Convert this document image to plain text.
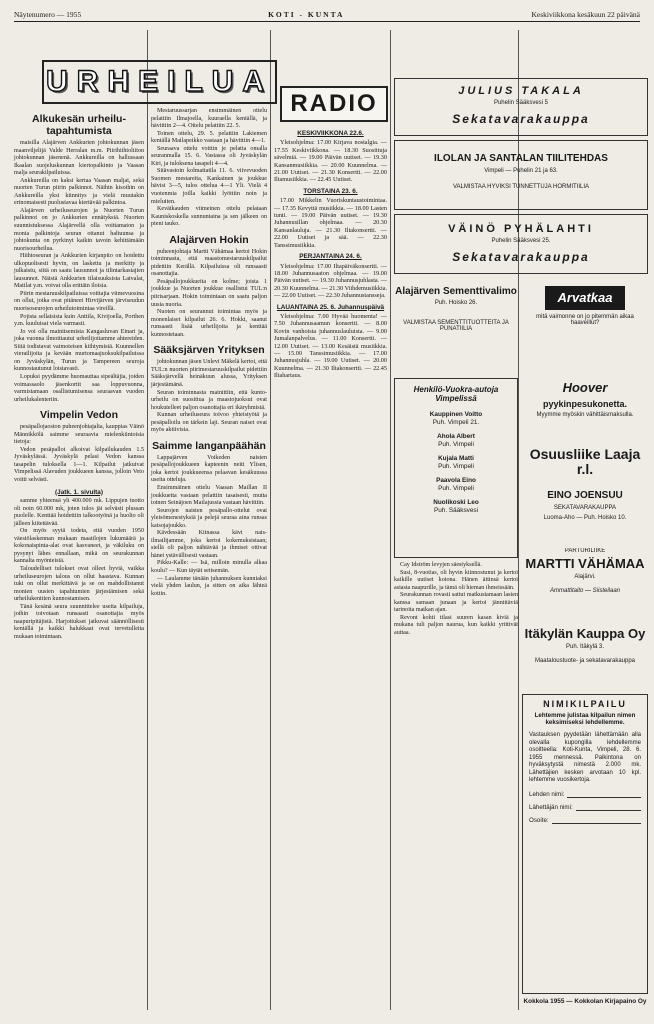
Näytenumero — 1955	KOTI - KUNTA	Keskiviikkona kesäkuun 22 päivänä
URHEILUA
Alkukesän urheilu-tapahtumista

maisilla Alajärven Ankkurien johtokunnan jäsen maanviljelijä Valde Herralan m.m. Piirihiihtoliiton johtokunnan jäsenenä. Ankkureilla on hallussaan Ikaalan suojeluskunnan kiertopalkinto ja Vaasan malja seurakilpailuissa.

Ankkureilla on kaksi kertaa Vaasan maljat, sekä nuorten Turun piirin palkinnot. Näihin kisoihin on Ankkureilla yksi kiinnitys ja vielä muutakin erinomaisesti puolustavaa kiertävää palkintoa.

Alajärven urheiluseurojen ja Nuorten Turun palkinnot on jo Ankkurien ennätyksiä. Nuorten suunnistuksessa Alajärvellä olla voittamaton ja monia palkintoja seuran ottanut haltuunsa ja johtokunta on pyrkinyt kaikin tavoin kehittämään nuorisourheilua.

Hiihtoseuran ja Ankkurien kirjanpito on hoidettu ulkopuolisesti hyvin, on laskettu ja merkitty ja julkaistu, siitä on saatu lausunnot ja tilintarkastajien lausunnot. Näistä Ankkurien tilaisuuksista Latvalat, Matilat y.m. voivat olla erittäin iloisia.

Piirin mestaruuskilpailuissa voittajia viimevuosina on ollut, jotka ovat pitäneet Hirvijärven järviseudun nuorisoseurojen urheilutoimintaa vireillä.

Pojista sellaisista kuin Anttila, Kivijoella, Porthen y.m. kuuluisat viela varmasti.

Jo voi olla mainitsemista Kangasluvan Einari ja, joka vuonna ilmoittautui urheilijoitamme ahtereiden. Siitä todistavat vaimoteisen kiihtymistä. Kuunnellen vierailijoita ja kevään murtomaajuoksukilpailuissa on Jyväskylän, Turun ja Tampereen seuroja kunnostautunut loistavasti.

Lopuksi pyydämme huomauttaa sipeältäjia, joiden voimassaolo jäsenkortit saa loppuvuonna, varmistamaan osallistumisensa seuraavan vuoden urheilukalenteriin.

Vimpelin Vedon

pesäpallojaoston puheenjohtajalta, kauppias Väinö Männikkölä saimme seuraavia mielenkiintoisia tietoja:

Vedon pesäpallot alkoivat kilpailukauden 1.5 Jyväskylässä. Jyväskylä pelasi Vedon kanssa tasapelin tuloksella 1—1. Kilpailut jatkuivat Vimpelissä Alavuden joukkueen kanssa, jolloin Veto voitti selvästi.

(Jatk. 1. sivulta)

samme yhteensä yli 400.000 mk. Lippujen tuotto oli noin 60.000 mk, joten tulos jäi selvästi plussan puolelle. Kenttää hoidettiin talkootyönä ja huolto oli jälleen kiitettävää.

On myös syytä todeta, että vuoden 1950 väestölaskennan mukaan maatilojen lukumäärä ja kokonaispinta-alat ovat kasvaneet, ja väkiluku on pysynyt lähes ennallaan, mikä on seurakunnan kannalta myönteistä.

Taloudelliset tulokset ovat olleet hyviä, vaikka urheiluseurojen talous on ollut haastava. Kunnan tuki on ollut merkittävä ja se on mahdollistanut monien uusien tapahtumien järjestämisen sekä urheilukenttien kunnostamisen.

Tänä kesänä seura suunnittelee useita kilpailuja, joihin toivotaan runsaasti osanottajia myös naapuripitäjistä. Harjoitukset jatkuvat säännöllisesti kentällä ja kaikki halukkaat ovat tervetulleita mukaan toimintaan.

Mestaruussarjan ensimmäinen ottelu pelattiin Ilmajoella, kuuraella kentällä, ja hävittiin 2—4. Ottelu pelattiin 22. 5.

Toinen ottelu, 29. 5. pelattiin Lakiemen kentällä Mailapeikko vastaan ja hävittiin 4—1.

Seuraava ottelu voittin je pelatta omalla seuranmalla 15. 6. Vastassa oli Jyväskylän Kiri, ja tuloksena tasapeli 4—4.

Sitävastoin kolmattatila 11. 6. viivevuoden Suomen mestareita, Kankainen ja joukkue hävisi 3—5, tulos ottelua 4—1 Yli. Vielä 4 vuotenmia joilla kaikki lyöttiin noin ja mieluiten.

Kevätkauden viimeinen ottelu pelataan Kauniskoskella sunnuntaina ja sen jälkeen on pieni tauko.

Alajärven Hokin

puheenjohtaja Martti Vähämaa kertoi Hokin toiminnasta, että maastomestaruuskilpailut pidettiin Kerällä. Kilpailuissa oli runsaasti osanottajia.

Pesäpallojoukkueita on kolme; joista 1 joukkue ja Nuorten joukkue osallistui TUL:n piirisarjaan. Hokin toimintaan on saatu paljon uusia nuoria.

Nuoten on seurannut toimintaa myös ja monenlaiset kilpailut 26. 6. Hokki, saanut runsaasti lisää urheilijoita ja kenttää kunnostetaan.

Sääksjärven Yrityksen

johtokunnan jäsen Unlevi Mäkelä kertoi, että TUL:n nuorten piirimestaruuskilpailut pidettiin Sääksjärvellä heinäkuun alussa, Yrityksen järjestämänä.

Seuran toiminnasta mainittiin, että kunto-urheilu on suosittua ja maastojuoksut ovat houkutelleet paljon osanottajia eri ikäryhmistä.

Kunnan urheiluseura toivoo yhteistyötä ja pesäpalloilu on tärkein laji. Seuran naiset ovat myös aktiivisia.

Saimme langanpäähän

Lappajärven Voikeden naisten pesäpallojoukkueen kapteenin neiti Ylisen, joka kertoi joukkueensa pelaavan kesäkuussa useita otteluja.

Ensimmäinen ottelu Vaasan Maillan II joukkuetta vastaan pelattiin tasaisesti, mutta toinen Seinäjoen Mailajussia vastaan hävittiin.

Seurojen naisten pesäpallo-ottelut ovat yleisömenestyksiä ja pelejä seuraa aina runsas katsojajoukko.

Kävdessään Kiinassa kävi nais-ilmailijamme, joka kertoi kokemuksistaan; siellä oli paljon nähtävää ja ihmiset ottivat hänet ystävällisesti vastaan.

Pikku-Kalle: — Isä, milloin minulla alkaa koulu? — Kun täytät seitsemän.

— Laulamme tänään juhannuksen kunniaksi vielä yhden laulun, ja sitten on aika lähteä kotiin.

RADIO
KESKIVIIKKONA 22.6.

Yleisohjelma: 17.00 Kirjava nostalgia. — 17.55 Keskiviikkona. — 18.30 Suosittuja sävelmiä. — 19.00 Päivän uutiset. — 19.30 Kansanmusiikkia. — 20.00 Kuunnelma. — 21.00 Uutiset. — 21.30 Konsertti. — 22.00 Iltamusiikkia. — 22.45 Uutiset.

TORSTAINA 23. 6.

17.00 Mikkelin Vuoriskuntaustoimintaa. — 17.35 Kevyttä musiikkia. — 18.00 Lasten tunti. — 19.00 Päivän uutiset. — 19.30 Juhannusillan ohjelmaa. — 20.30 Kansanlauluja. — 21.30 Iltakonsertti. — 22.00 Uutiset ja sää. — 22.30 Tanssimusiikkia.

PERJANTAINA 24. 6.

Yleisohjelma: 17.00 Iltapäiväkonsertti. — 18.00 Juhannusaaton ohjelmaa. — 19.00 Päivän uutiset. — 19.30 Juhannusjuhlasta. — 20.30 Kuunnelma. — 21.30 Viihdemusiikkia. — 22.00 Uutiset. — 22.30 Juhannustansseja.

LAUANTAINA 25. 6. Juhannuspäivä

Yleisohjelma: 7.00 Hyvää huomenta! — 7.50 Juhannusaamun konsertti. — 8.00 Kovin vanhoista juhannuslauluista. — 9.00 Jumalanpalvelus. — 11.00 Konsertti. — 12.00 Uutiset. — 13.00 Kesäistä musiikkia. — 15.00 Tanssimusiikkia. — 17.00 Juhannusjuhla. — 19.00 Uutiset. — 20.00 Kuunnelma. — 21.30 Iltakonsertti. — 22.45 Iltahartaus.

JULIUS TAKALA
Puhelin Sääksvesi 5
Sekatavarakauppa
ILOLAN JA SANTALAN TIILITEHDAS
Vimpeli — Puhelin 21 ja 63.
VALMISTAA HYVIKSI TUNNETTUJA HORMITIILIA
VÄINÖ PYHÄLAHTI
Puhelin Sääksvesi 25.
Sekatavarakauppa
Alajärven Sementtivalimo
Puh. Hoisko 26.
VALMISTAA SEMENTTITUOTTEITA JA PUNATIILIA
Henkilö-Vuokra-autoja Vimpelissä
Kauppinen Voitto
Puh. Vimpeli 21.
Ahola Albert
Puh. Vimpeli
Kujala Matti
Puh. Vimpeli
Paavola Eino
Puh. Vimpeli
Nuolikoski Leo
Puh. Sääksvesi

Cay Idström levyjen säestyksellä.

Susi, 8-vuotias, oli hyvin kiinnostunut ja kertoi kaikille uutiset kotona. Hänen äitinsä kertoi asiasta naapurille, ja tämä oli hieman ihmeissään.

Seurakunnan rovasti sattui matkustamaan lasten kanssa samaan junaan ja kertoi jännittäviä tarinoita matkan ajan.

Revont kohti tilasi suuren kasan kiviä ja mukana tuli paljon naurua, kun kaikki yrittivät auttaa.

Arvatkaa
mitä vaimonne on jo pitemmän aikaa haaveillut?
Hoover
pyykinpesukonetta.
Myymme myöskin vähittäismaksulla.
Osuusliike Laaja r.l.
EINO JOENSUU
SEKATAVARAKAUPPA
Luoma-Aho — Puh. Hoisko 10.
PARTURILIIKE
MARTTI VÄHÄMAA
Alajärvi.
Ammattitaito — Siisteilaan
Itäkylän Kauppa Oy
Puh. Itäkylä 3.
Maataloustuote- ja sekatavarakauppa
NIMIKILPAILU
Lehtemme julistaa kilpailun nimen keksimiseksi lehdellemme.
Vastauksen pyydetään lähettämään alla olevalla kupongilla lehdellemme osoitteella: Koti-Kunta, Vimpeli, 28. 6. 1955 mennessä. Palkintona on hyväksytystä nimestä 2.000 mk. Lähettäjien kesken arvotaan 10 kpl. lehtemme vuosikertoja.
Lehden nimi:
Lähettäjän nimi:
Osoite:
Kokkola 1955 — Kokkolan Kirjapaino Oy
